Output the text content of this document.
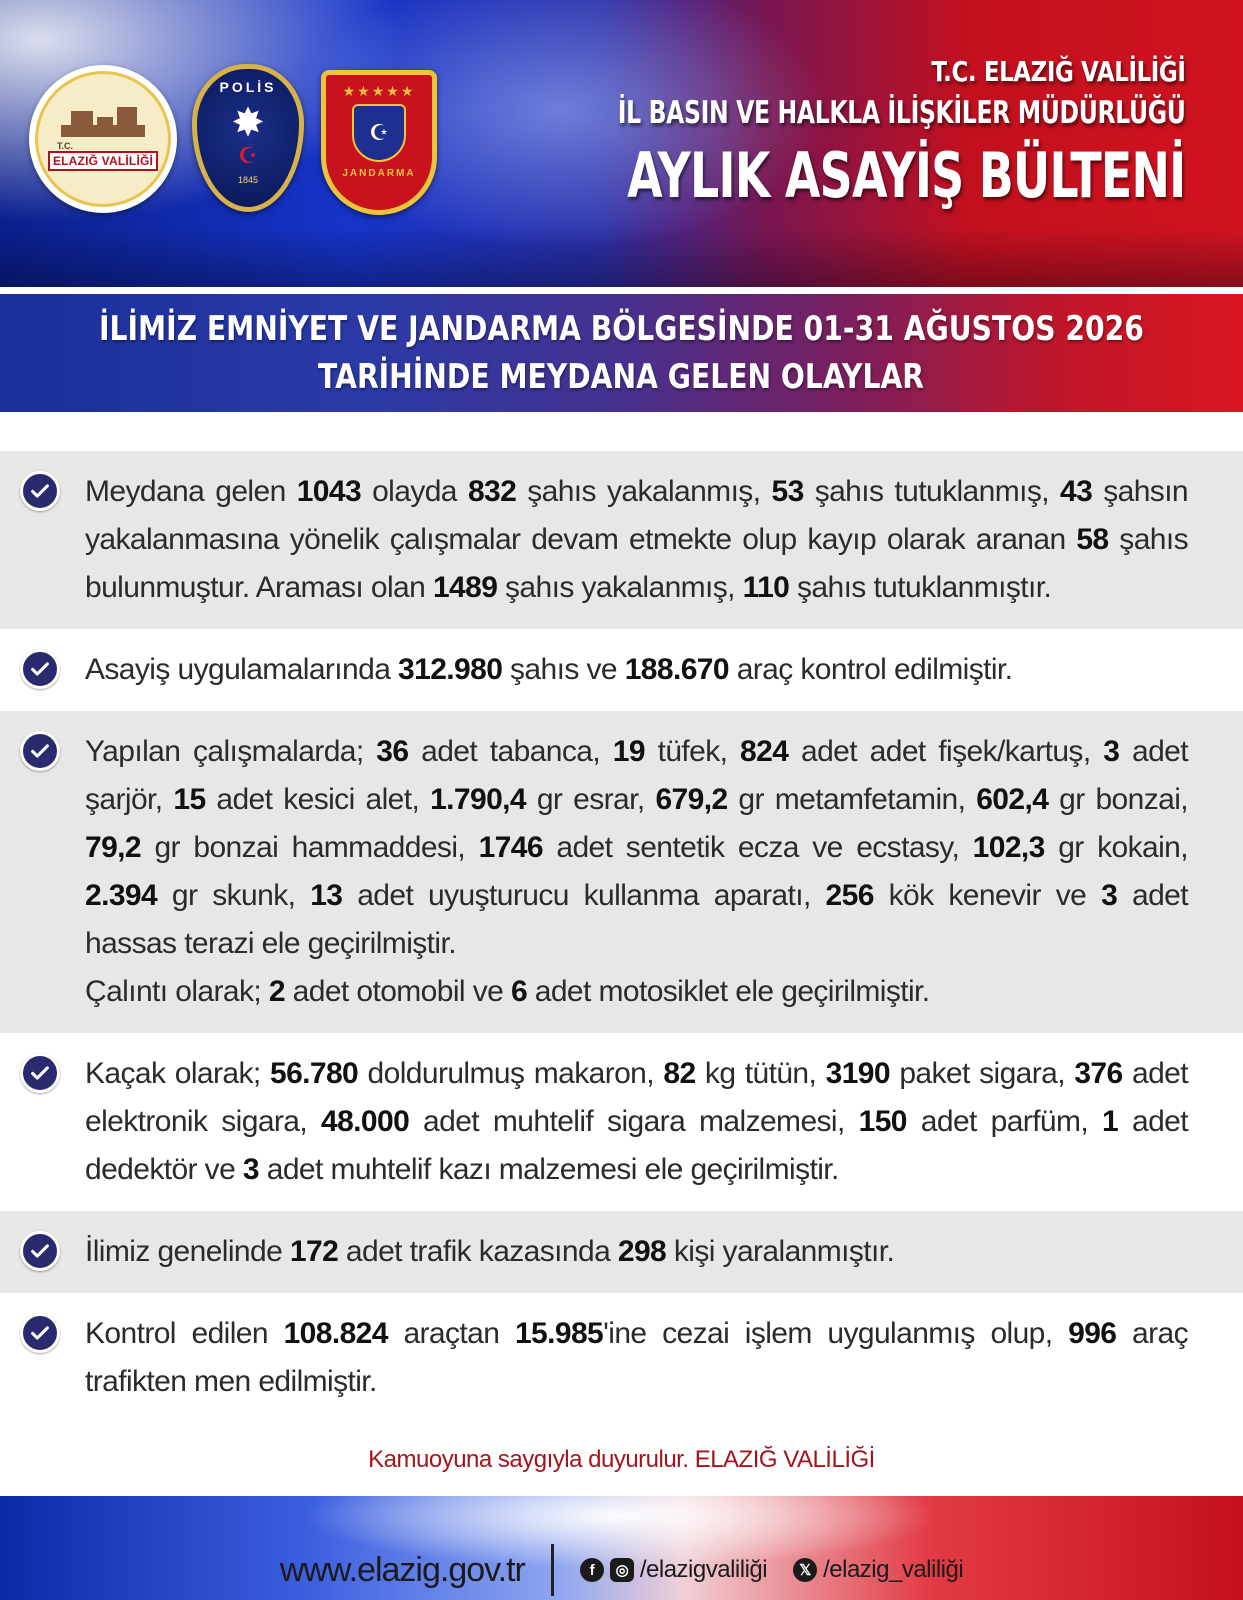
T.C.
ELAZIĞ VALİLİĞİ
POLİS
✸
☪
1845
★★★★★
☪
JANDARMA
T.C. ELAZIĞ VALİLİĞİ
İL BASIN VE HALKLA İLİŞKİLER MÜDÜRLÜĞÜ
AYLIK ASAYİŞ BÜLTENİ
İLİMİZ EMNİYET VE JANDARMA BÖLGESİNDE 01-31 AĞUSTOS 2026
TARİHİNDE MEYDANA GELEN OLAYLAR
Meydana gelen 1043 olayda 832 şahıs yakalanmış, 53 şahıs tutuklanmış, 43 şahsın yakalanmasına yönelik çalışmalar devam etmekte olup kayıp olarak aranan 58 şahıs bulunmuştur. Araması olan 1489 şahıs yakalanmış, 110 şahıs tutuklanmıştır.
Asayiş uygulamalarında 312.980 şahıs ve 188.670 araç kontrol edilmiştir.
Yapılan çalışmalarda; 36 adet tabanca, 19 tüfek, 824 adet adet fişek/kartuş, 3 adet şarjör, 15 adet kesici alet, 1.790,4 gr esrar, 679,2 gr metamfetamin, 602,4 gr bonzai, 79,2 gr bonzai hammaddesi, 1746 adet sentetik ecza ve ecstasy, 102,3 gr kokain, 2.394 gr skunk, 13 adet uyuşturucu kullanma aparatı, 256 kök kenevir ve 3 adet hassas terazi ele geçirilmiştir.
Çalıntı olarak; 2 adet otomobil ve 6 adet motosiklet ele geçirilmiştir.
Kaçak olarak; 56.780 doldurulmuş makaron, 82 kg tütün, 3190 paket sigara, 376 adet elektronik sigara, 48.000 adet muhtelif sigara malzemesi, 150 adet parfüm, 1 adet dedektör ve 3 adet muhtelif kazı malzemesi ele geçirilmiştir.
İlimiz genelinde 172 adet trafik kazasında 298 kişi yaralanmıştır.
Kontrol edilen 108.824 araçtan 15.985'ine cezai işlem uygulanmış olup, 996 araç trafikten men edilmiştir.
Kamuoyuna saygıyla duyurulur. ELAZIĞ VALİLİĞİ
www.elazig.gov.tr	f	◎ /elazigvaliliği	𝕏 /elazig_valiliği
